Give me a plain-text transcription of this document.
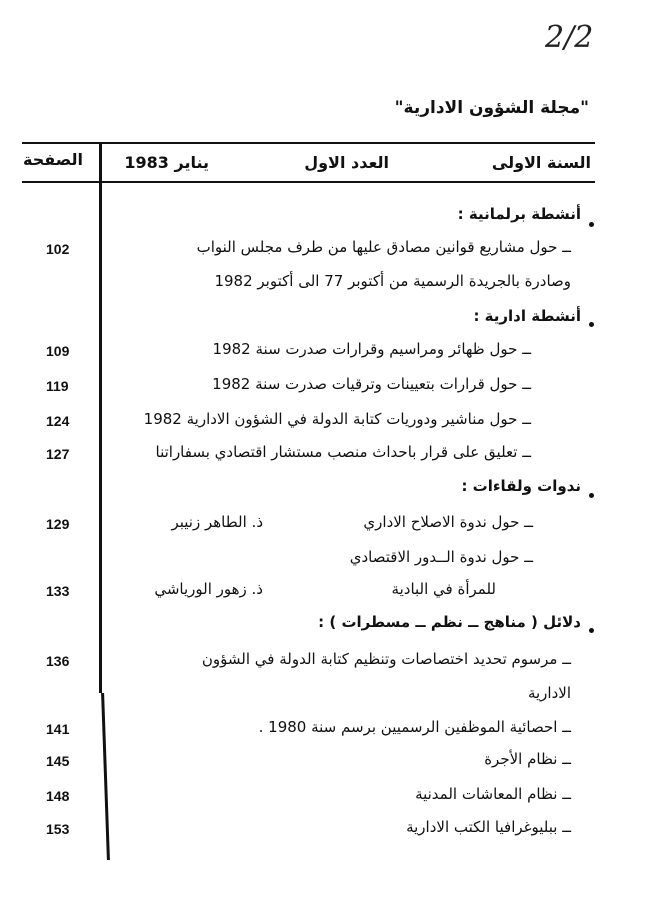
2/2
"مجلة الشؤون الادارية"
الصفحة	السنة الاولى
العدد الاول
يناير 1983
أنشطة برلمانية :
ــ حول مشاريع قوانين مصادق عليها من طرف مجلس النواب
وصادرة بالجريدة الرسمية من أكتوبر 77 الى أكتوبر 1982
102
أنشطة ادارية :
ــ حول ظهائر ومراسيم وقرارات صدرت سنة 1982
109
ــ حول قرارات بتعيينات وترقيات صدرت سنة 1982
119
ــ حول مناشير ودوريات كتابة الدولة في الشؤون الادارية 1982
124
ــ تعليق على قرار باحداث منصب مستشار اقتصادي بسفاراتنا
127
ندوات ولقاءات :
ــ حول ندوة الاصلاح الاداري
ذ. الطاهر زنيبر
129
ــ حول ندوة الــدور الاقتصادي
للمرأة في البادية
ذ. زهور الورياشي
133
دلائل ( مناهج ــ نظم ــ مسطرات ) :
ــ مرسوم تحديد اختصاصات وتنظيم كتابة الدولة في الشؤون
الادارية
136
ــ احصائية الموظفين الرسميين برسم سنة 1980 .
141
ــ نظام الأجرة
145
ــ نظام المعاشات المدنية
148
ــ ببليوغرافيا الكتب الادارية
153
